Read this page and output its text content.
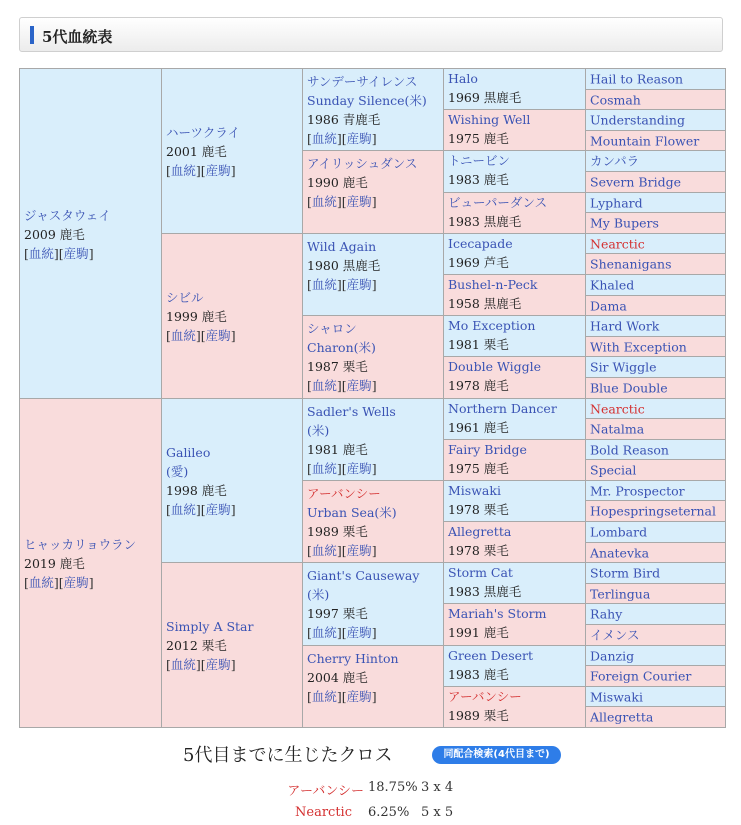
5代血統表
ジャスタウェイ
2009 鹿毛
[血統][産駒]
ハーツクライ
2001 鹿毛
[血統][産駒]
サンデーサイレンス
Sunday Silence(米)
1986 青鹿毛
[血統][産駒]
Halo
1969 黒鹿毛
Hail to Reason
Cosmah
Wishing Well
1975 鹿毛
Understanding
Mountain Flower
アイリッシュダンス
1990 鹿毛
[血統][産駒]
トニービン
1983 鹿毛
カンパラ
Severn Bridge
ビューパーダンス
1983 黒鹿毛
Lyphard
My Bupers
シビル
1999 鹿毛
[血統][産駒]
Wild Again
1980 黒鹿毛
[血統][産駒]
Icecapade
1969 芦毛
Nearctic
Shenanigans
Bushel-n-Peck
1958 黒鹿毛
Khaled
Dama
シャロン
Charon(米)
1987 栗毛
[血統][産駒]
Mo Exception
1981 栗毛
Hard Work
With Exception
Double Wiggle
1978 鹿毛
Sir Wiggle
Blue Double
ヒャッカリョウラン
2019 鹿毛
[血統][産駒]
Galileo
(愛)
1998 鹿毛
[血統][産駒]
Sadler's Wells
(米)
1981 鹿毛
[血統][産駒]
Northern Dancer
1961 鹿毛
Nearctic
Natalma
Fairy Bridge
1975 鹿毛
Bold Reason
Special
アーバンシー
Urban Sea(米)
1989 栗毛
[血統][産駒]
Miswaki
1978 栗毛
Mr. Prospector
Hopespringseternal
Allegretta
1978 栗毛
Lombard
Anatevka
Simply A Star
2012 栗毛
[血統][産駒]
Giant's Causeway
(米)
1997 栗毛
[血統][産駒]
Storm Cat
1983 黒鹿毛
Storm Bird
Terlingua
Mariah's Storm
1991 鹿毛
Rahy
イメンス
Cherry Hinton
2004 鹿毛
[血統][産駒]
Green Desert
1983 鹿毛
Danzig
Foreign Courier
アーバンシー
1989 栗毛
Miswaki
Allegretta
5代目までに生じたクロス	同配合検索(4代目まで)
アーバンシー 18.75% 3 x 4
Nearctic 6.25% 5 x 5
